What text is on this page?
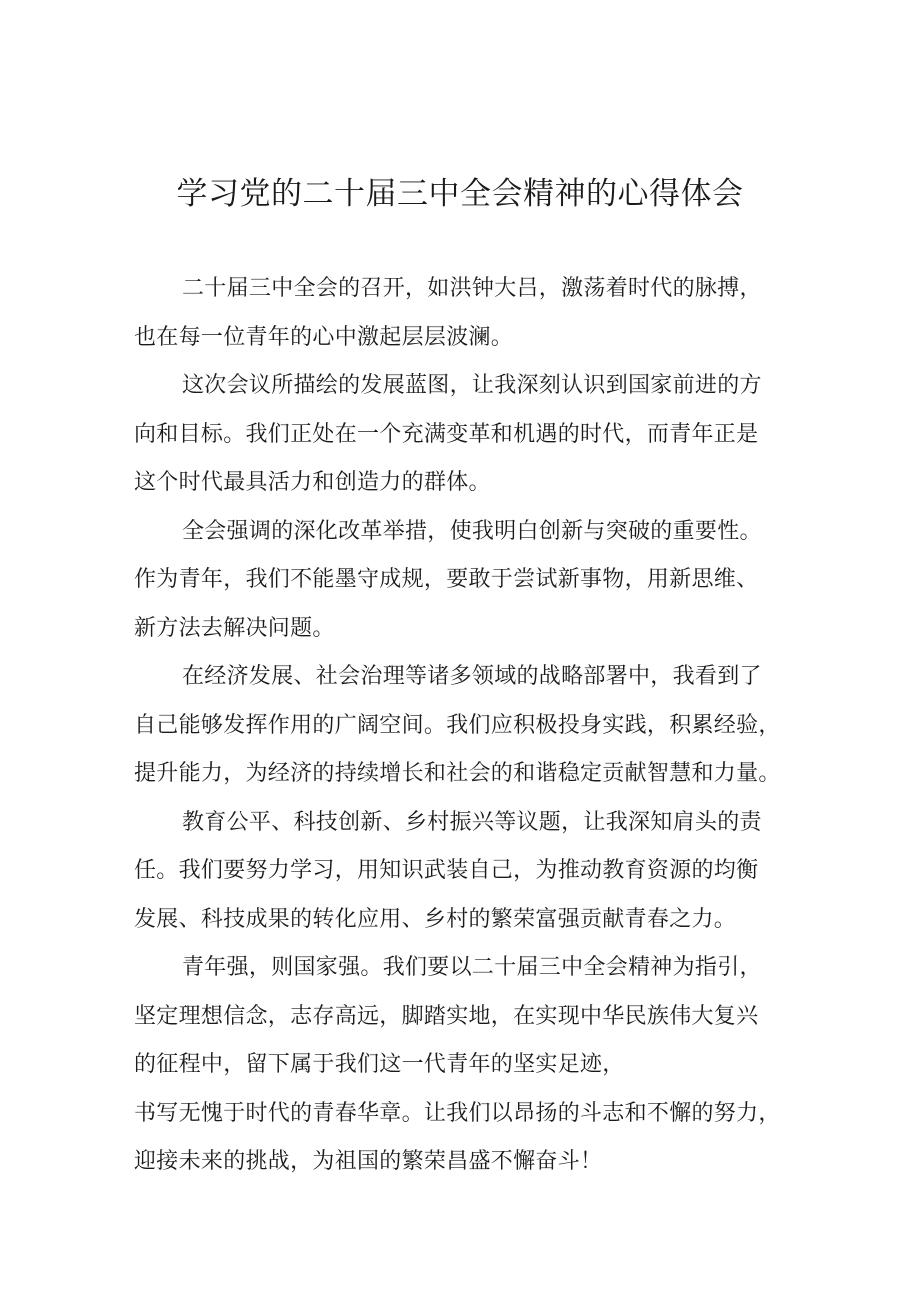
学习党的二十届三中全会精神的心得体会
二十届三中全会的召开，如洪钟大吕，激荡着时代的脉搏，
也在每一位青年的心中激起层层波澜。
这次会议所描绘的发展蓝图，让我深刻认识到国家前进的方
向和目标。我们正处在一个充满变革和机遇的时代，而青年正是
这个时代最具活力和创造力的群体。
全会强调的深化改革举措，使我明白创新与突破的重要性。
作为青年，我们不能墨守成规，要敢于尝试新事物，用新思维、
新方法去解决问题。
在经济发展、社会治理等诸多领域的战略部署中，我看到了
自己能够发挥作用的广阔空间。我们应积极投身实践，积累经验，
提升能力，为经济的持续增长和社会的和谐稳定贡献智慧和力量。
教育公平、科技创新、乡村振兴等议题，让我深知肩头的责
任。我们要努力学习，用知识武装自己，为推动教育资源的均衡
发展、科技成果的转化应用、乡村的繁荣富强贡献青春之力。
青年强，则国家强。我们要以二十届三中全会精神为指引，
坚定理想信念，志存高远，脚踏实地，在实现中华民族伟大复兴
的征程中，留下属于我们这一代青年的坚实足迹，
书写无愧于时代的青春华章。让我们以昂扬的斗志和不懈的努力，
迎接未来的挑战，为祖国的繁荣昌盛不懈奋斗！
